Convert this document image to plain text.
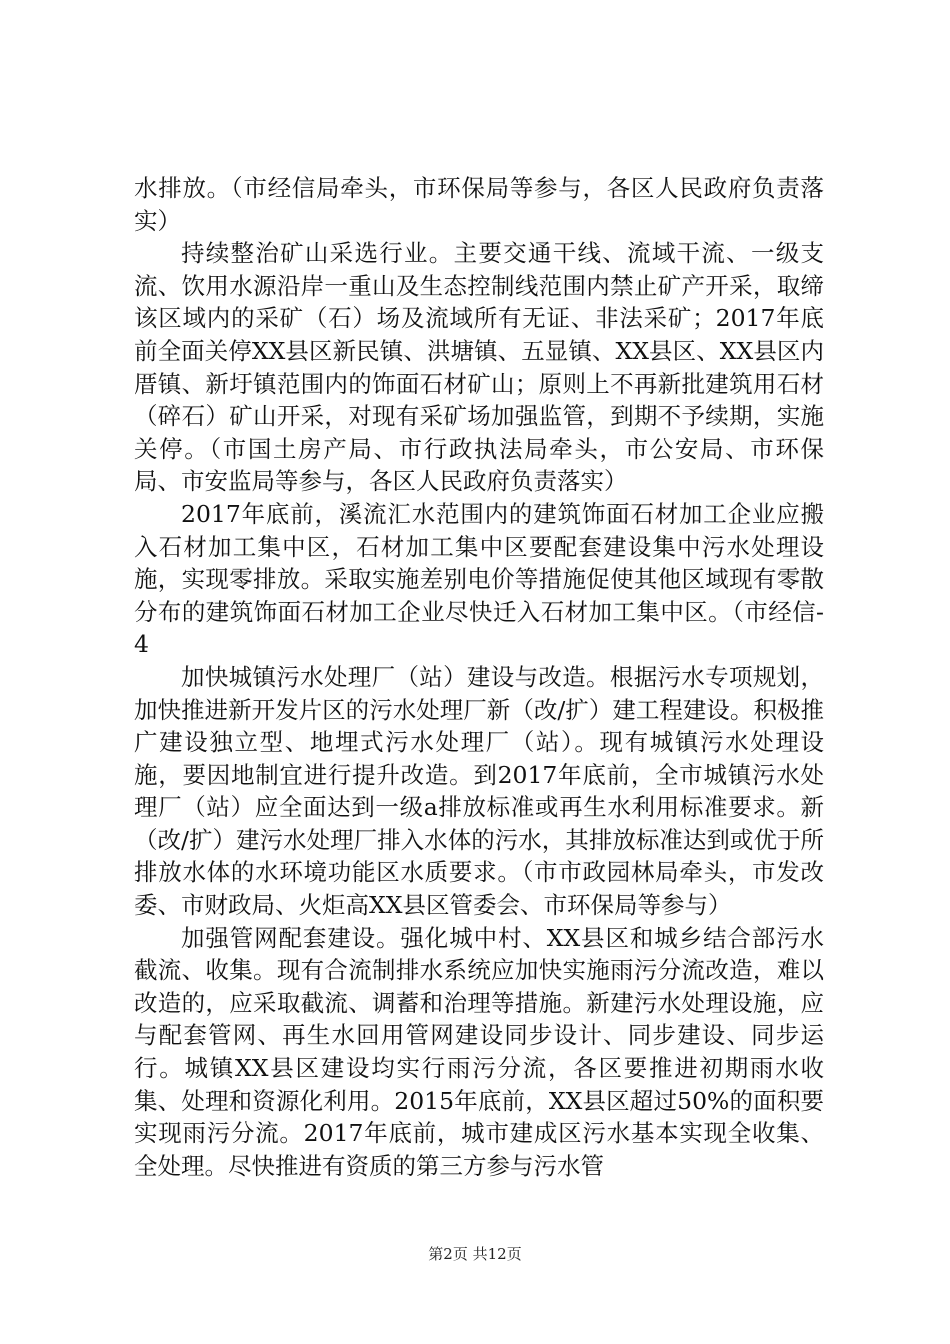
水排放。（市经信局牵头，市环保局等参与，各区人民政府负责落实）

持续整治矿山采选行业。主要交通干线、流域干流、一级支流、饮用水源沿岸一重山及生态控制线范围内禁止矿产开采，取缔该区域内的采矿（石）场及流域所有无证、非法采矿；2017年底前全面关停XX县区新民镇、洪塘镇、五显镇、XX县区、XX县区内厝镇、新圩镇范围内的饰面石材矿山；原则上不再新批建筑用石材（碎石）矿山开采，对现有采矿场加强监管，到期不予续期，实施关停。（市国土房产局、市行政执法局牵头，市公安局、市环保局、市安监局等参与，各区人民政府负责落实）

2017年底前，溪流汇水范围内的建筑饰面石材加工企业应搬入石材加工集中区，石材加工集中区要配套建设集中污水处理设施，实现零排放。采取实施差别电价等措施促使其他区域现有零散分布的建筑饰面石材加工企业尽快迁入石材加工集中区。（市经信-4

加快城镇污水处理厂（站）建设与改造。根据污水专项规划，加快推进新开发片区的污水处理厂新（改/扩）建工程建设。积极推广建设独立型、地埋式污水处理厂（站）。现有城镇污水处理设施，要因地制宜进行提升改造。到2017年底前，全市城镇污水处理厂（站）应全面达到一级a排放标准或再生水利用标准要求。新（改/扩）建污水处理厂排入水体的污水，其排放标准达到或优于所排放水体的水环境功能区水质要求。（市市政园林局牵头，市发改委、市财政局、火炬高XX县区管委会、市环保局等参与）

加强管网配套建设。强化城中村、XX县区和城乡结合部污水截流、收集。现有合流制排水系统应加快实施雨污分流改造，难以改造的，应采取截流、调蓄和治理等措施。新建污水处理设施，应与配套管网、再生水回用管网建设同步设计、同步建设、同步运行。城镇XX县区建设均实行雨污分流，各区要推进初期雨水收集、处理和资源化利用。2015年底前，XX县区超过50%的面积要实现雨污分流。2017年底前，城市建成区污水基本实现全收集、全处理。尽快推进有资质的第三方参与污水管

第2页 共12页
